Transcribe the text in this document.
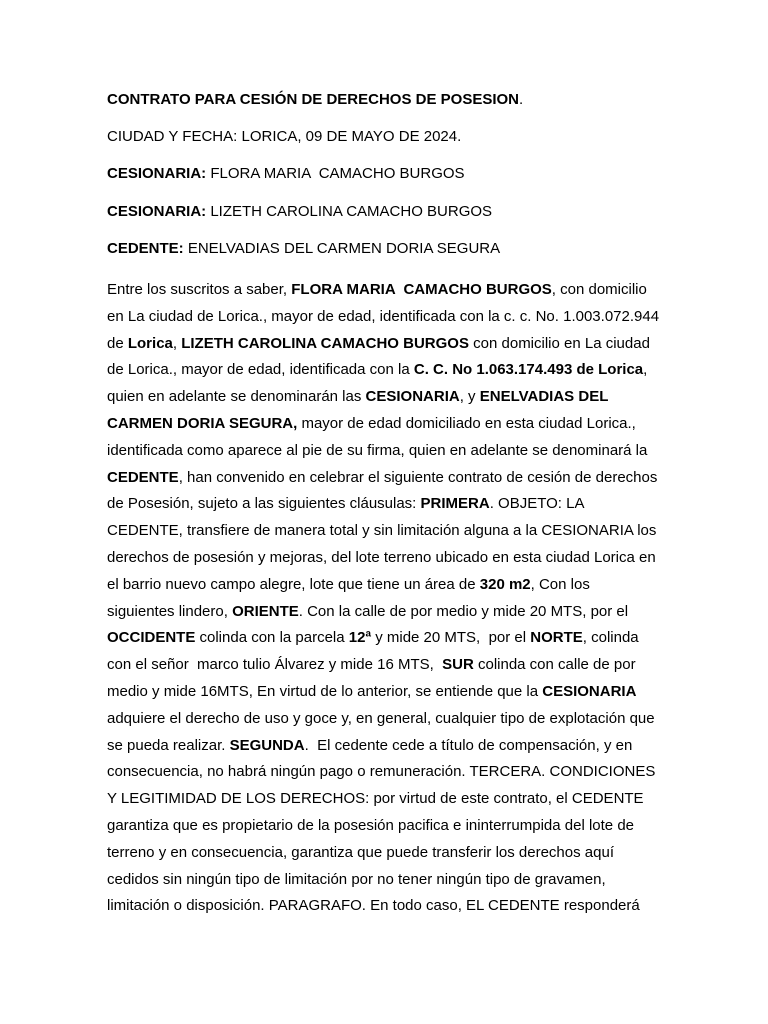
CONTRATO PARA CESIÓN DE DERECHOS DE POSESION.
CIUDAD Y FECHA: LORICA, 09 DE MAYO DE 2024.
CESIONARIA: FLORA MARIA  CAMACHO BURGOS
CESIONARIA: LIZETH CAROLINA CAMACHO BURGOS
CEDENTE: ENELVADIAS DEL CARMEN DORIA SEGURA
Entre los suscritos a saber, FLORA MARIA  CAMACHO BURGOS, con domicilio
en La ciudad de Lorica., mayor de edad, identificada con la c. c. No. 1.003.072.944
de Lorica, LIZETH CAROLINA CAMACHO BURGOS con domicilio en La ciudad
de Lorica., mayor de edad, identificada con la C. C. No 1.063.174.493 de Lorica,
quien en adelante se denominarán las CESIONARIA, y ENELVADIAS DEL
CARMEN DORIA SEGURA, mayor de edad domiciliado en esta ciudad Lorica.,
identificada como aparece al pie de su firma, quien en adelante se denominará la
CEDENTE, han convenido en celebrar el siguiente contrato de cesión de derechos
de Posesión, sujeto a las siguientes cláusulas: PRIMERA. OBJETO: LA
CEDENTE, transfiere de manera total y sin limitación alguna a la CESIONARIA los
derechos de posesión y mejoras, del lote terreno ubicado en esta ciudad Lorica en
el barrio nuevo campo alegre, lote que tiene un área de 320 m2, Con los
siguientes lindero, ORIENTE. Con la calle de por medio y mide 20 MTS, por el
OCCIDENTE colinda con la parcela 12ª y mide 20 MTS,  por el NORTE, colinda
con el señor  marco tulio Álvarez y mide 16 MTS,  SUR colinda con calle de por
medio y mide 16MTS, En virtud de lo anterior, se entiende que la CESIONARIA
adquiere el derecho de uso y goce y, en general, cualquier tipo de explotación que
se pueda realizar. SEGUNDA.  El cedente cede a título de compensación, y en
consecuencia, no habrá ningún pago o remuneración. TERCERA. CONDICIONES
Y LEGITIMIDAD DE LOS DERECHOS: por virtud de este contrato, el CEDENTE
garantiza que es propietario de la posesión pacifica e ininterrumpida del lote de
terreno y en consecuencia, garantiza que puede transferir los derechos aquí
cedidos sin ningún tipo de limitación por no tener ningún tipo de gravamen,
limitación o disposición. PARAGRAFO. En todo caso, EL CEDENTE responderá
